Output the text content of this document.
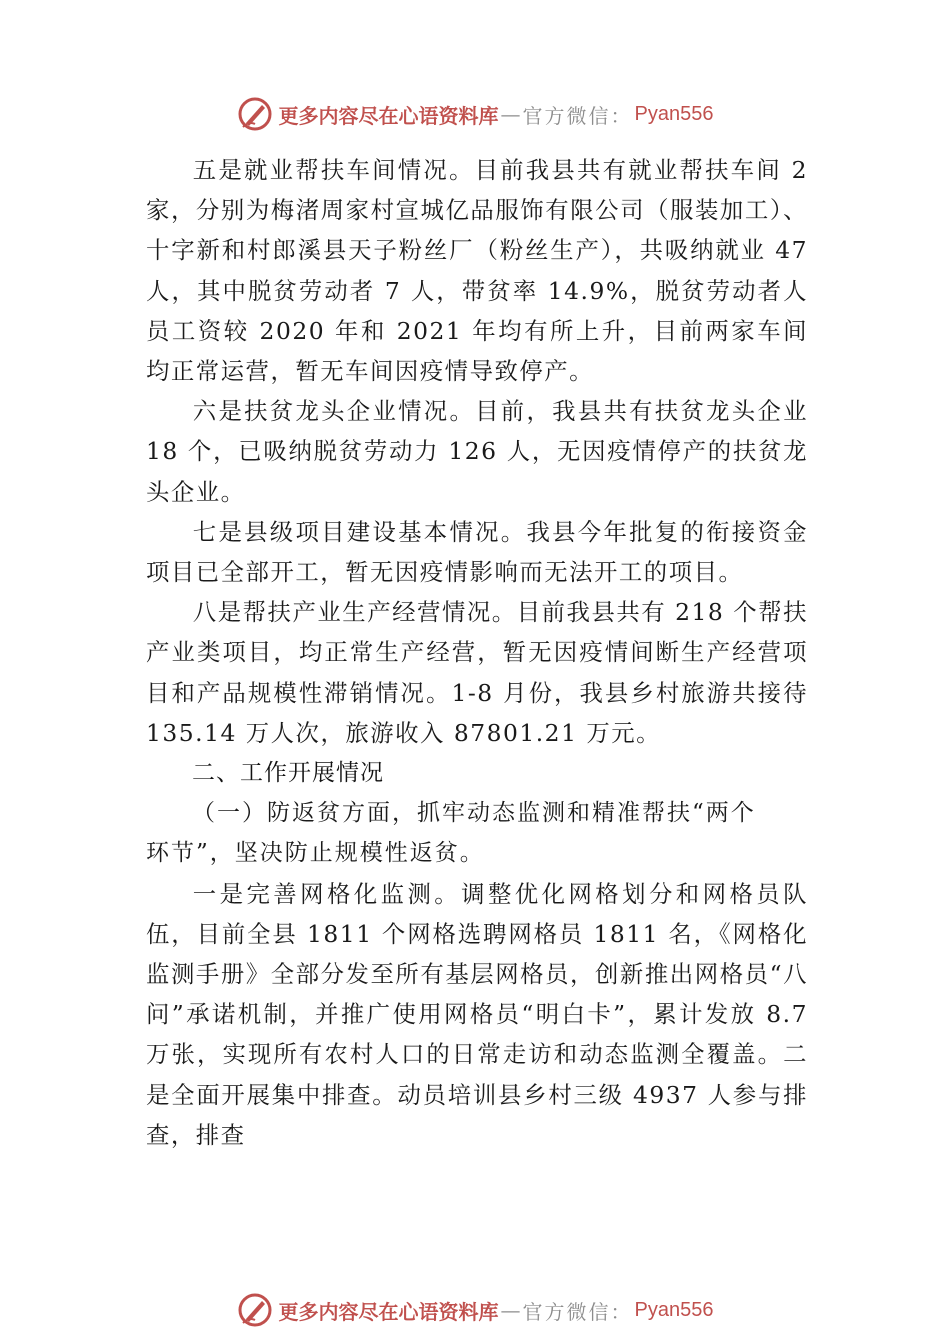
更多内容尽在心语资料库 — 官方微信： Pyan556

五是就业帮扶车间情况。目前我县共有就业帮扶车间 2 家，分别为梅渚周家村宣城亿品服饰有限公司（服装加工）、十字新和村郎溪县天子粉丝厂（粉丝生产），共吸纳就业 47 人，其中脱贫劳动者 7 人，带贫率 14.9%，脱贫劳动者人员工资较 2020 年和 2021 年均有所上升，目前两家车间均正常运营，暂无车间因疫情导致停产。

六是扶贫龙头企业情况。目前，我县共有扶贫龙头企业 18 个，已吸纳脱贫劳动力 126 人，无因疫情停产的扶贫龙头企业。

七是县级项目建设基本情况。我县今年批复的衔接资金项目已全部开工，暂无因疫情影响而无法开工的项目。

八是帮扶产业生产经营情况。目前我县共有 218 个帮扶产业类项目，均正常生产经营，暂无因疫情间断生产经营项目和产品规模性滞销情况。1-8 月份，我县乡村旅游共接待 135.14 万人次，旅游收入 87801.21 万元。

二、工作开展情况

（一）防返贫方面，抓牢动态监测和精准帮扶“两个环节”，坚决防止规模性返贫。

一是完善网格化监测。调整优化网格划分和网格员队伍，目前全县 1811 个网格选聘网格员 1811 名，《网格化监测手册》全部分发至所有基层网格员，创新推出网格员“八问”承诺机制，并推广使用网格员“明白卡”，累计发放 8.7 万张，实现所有农村人口的日常走访和动态监测全覆盖。二是全面开展集中排查。动员培训县乡村三级 4937 人参与排查，排查

更多内容尽在心语资料库 — 官方微信： Pyan556
